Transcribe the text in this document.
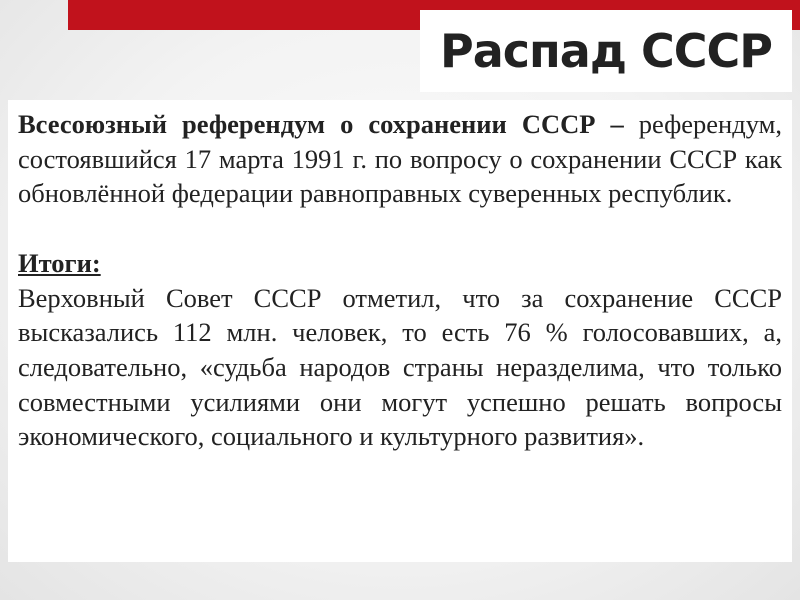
Распад СССР

Всесоюзный референдум о сохранении СССР – референдум, состоявшийся 17 марта 1991 г. по вопросу о сохранении СССР как обновлённой федерации равноправных суверенных республик.

Итоги:

Верховный Совет СССР отметил, что за сохранение СССР высказались 112 млн. человек, то есть 76 % голосовавших, а, следовательно, «судьба народов страны неразделима, что только совместными усилиями они могут успешно решать вопросы экономического, социального и культурного развития».
